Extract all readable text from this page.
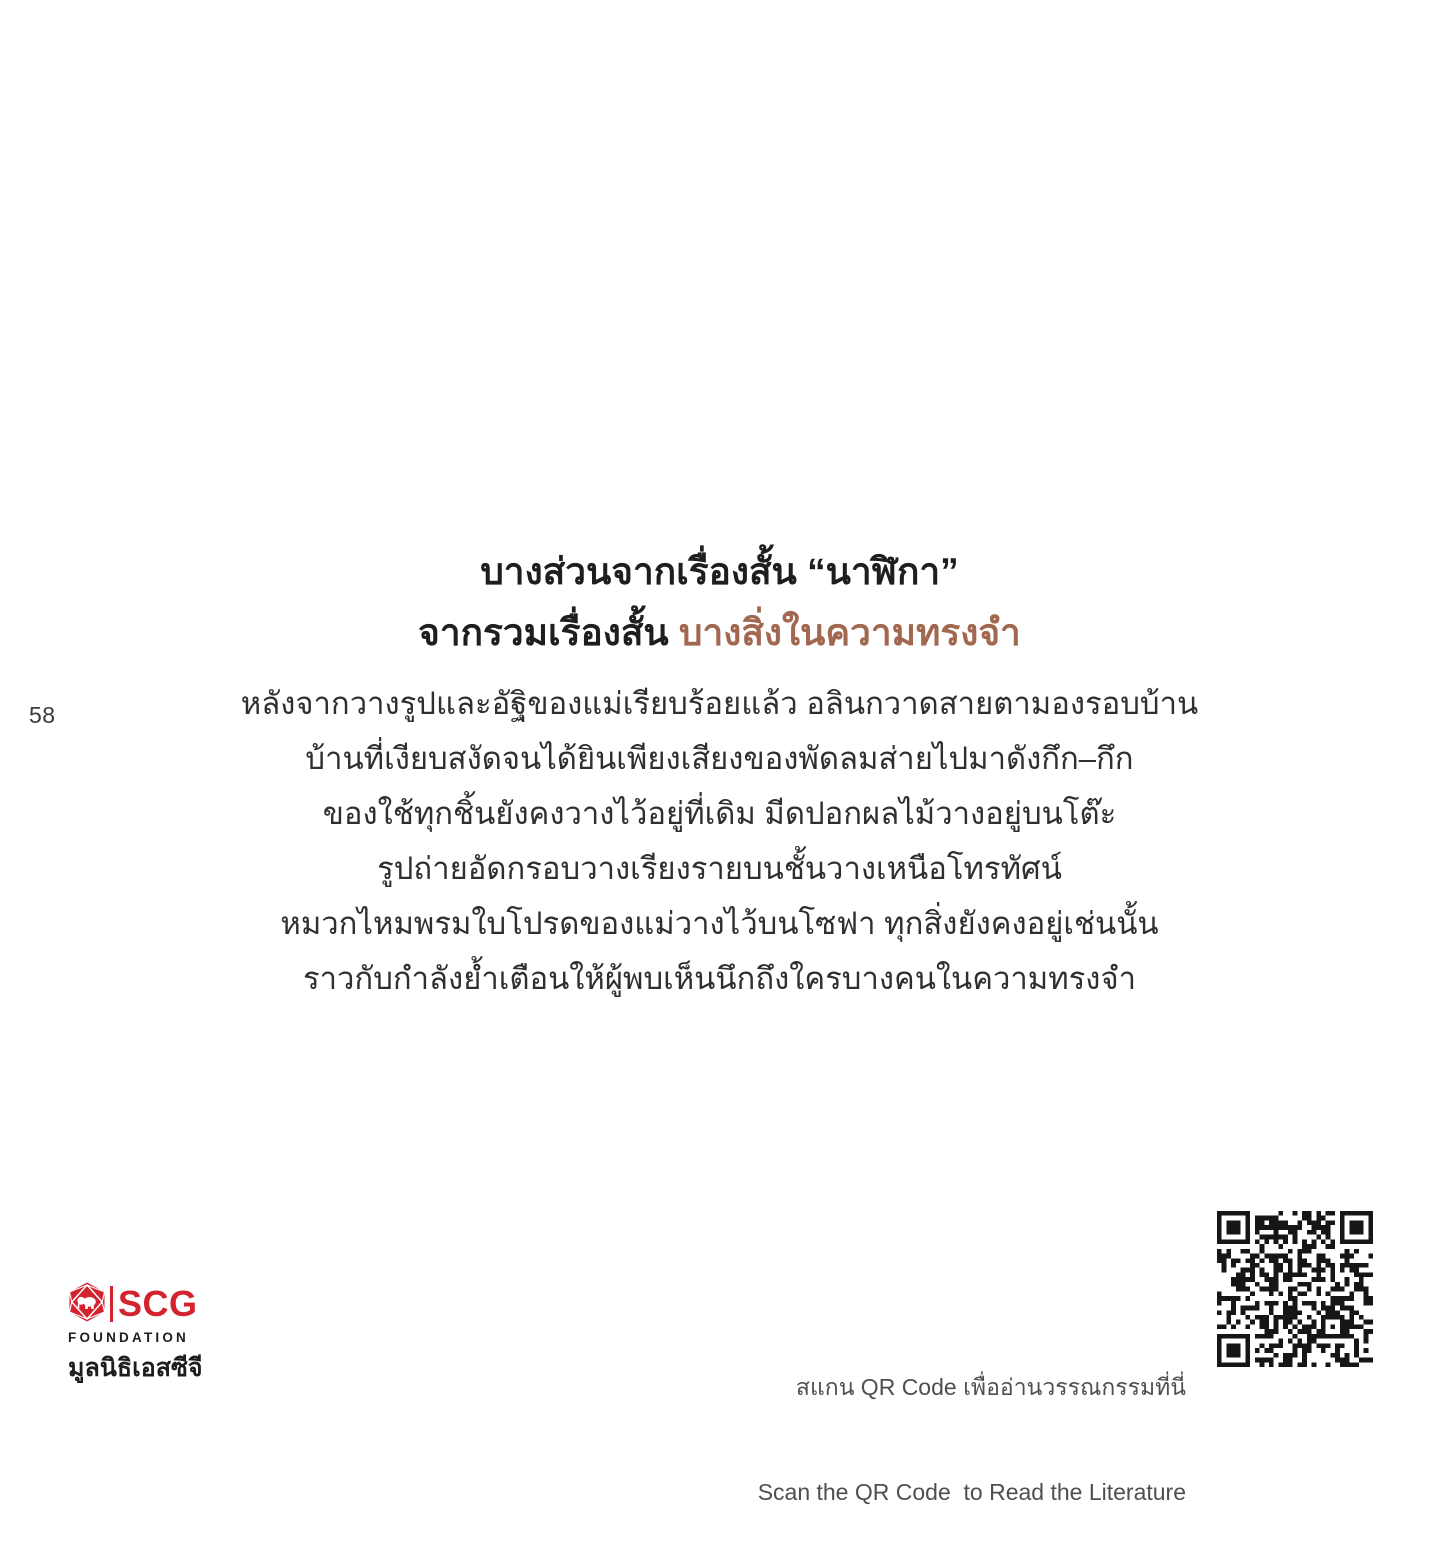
58
บางส่วนจากเรื่องสั้น “นาฬิกา”
จากรวมเรื่องสั้น บางสิ่งในความทรงจำ
หลังจากวางรูปและอัฐิของแม่เรียบร้อยแล้ว อลินกวาดสายตามองรอบบ้าน
บ้านที่เงียบสงัดจนได้ยินเพียงเสียงของพัดลมส่ายไปมาดังกึก–กึก
ของใช้ทุกชิ้นยังคงวางไว้อยู่ที่เดิม มีดปอกผลไม้วางอยู่บนโต๊ะ
รูปถ่ายอัดกรอบวางเรียงรายบนชั้นวางเหนือโทรทัศน์
หมวกไหมพรมใบโปรดของแม่วางไว้บนโซฟา ทุกสิ่งยังคงอยู่เช่นนั้น
ราวกับกำลังย้ำเตือนให้ผู้พบเห็นนึกถึงใครบางคนในความทรงจำ
SCG
FOUNDATION
มูลนิธิเอสซีจี

สแกน QR Code เพื่ออ่านวรรณกรรมที่นี่

Scan the QR Code  to Read the Literature
